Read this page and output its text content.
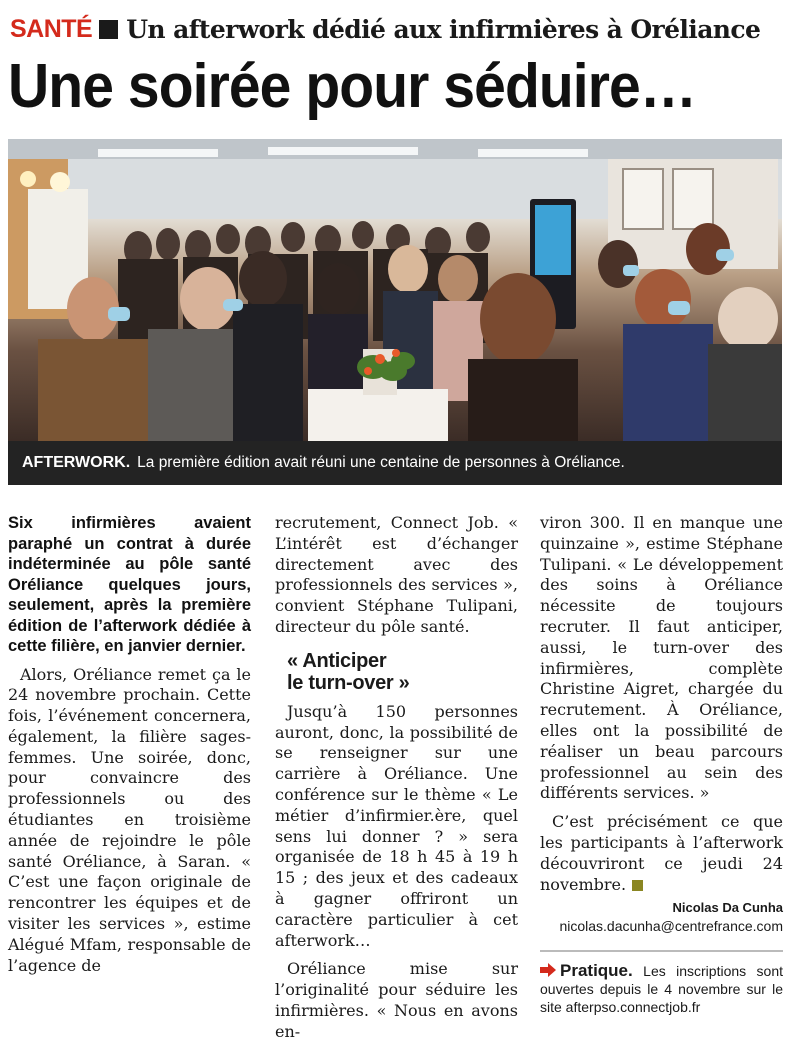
SANTÉ Un afterwork dédié aux infirmières à Oréliance
Une soirée pour séduire…
AFTERWORK. La première édition avait réuni une centaine de personnes à Oréliance.

Six infirmières avaient paraphé un contrat à durée indéterminée au pôle santé Oréliance quelques jours, seulement, après la première édition de l’afterwork dédiée à cette filière, en janvier dernier.

Alors, Oréliance remet ça le 24 novembre prochain. Cette fois, l’événement concernera, également, la filière sages-femmes. Une soirée, donc, pour convaincre des professionnels ou des étudiantes en troisième année de rejoindre le pôle santé Oréliance, à Saran. « C’est une façon originale de rencontrer les équipes et de visiter les services », estime Alégué Mfam, responsable de l’agence de

recrutement, Connect Job. « L’intérêt est d’échanger directement avec des professionnels des services », convient Stéphane Tulipani, directeur du pôle santé.

« Anticiper
le turn-over »

Jusqu’à 150 personnes auront, donc, la possibilité de se renseigner sur une carrière à Oréliance. Une conférence sur le thème « Le métier d’infirmier.ère, quel sens lui donner ? » sera organisée de 18 h 45 à 19 h 15 ; des jeux et des cadeaux à gagner offriront un caractère particulier à cet afterwork…

Oréliance mise sur l’originalité pour séduire les infirmières. « Nous en avons en-

viron 300. Il en manque une quinzaine », estime Stéphane Tulipani. « Le développement des soins à Oréliance nécessite de toujours recruter. Il faut anticiper, aussi, le turn-over des infirmières, complète Christine Aigret, chargée du recrutement. À Oréliance, elles ont la possibilité de réaliser un beau parcours professionnel au sein des différents services. »

C’est précisément ce que les participants à l’afterwork découvriront ce jeudi 24 novembre.

Nicolas Da Cunha
nicolas.dacunha@centrefrance.com
Pratique. Les inscriptions sont ouvertes depuis le 4 novembre sur le site afterpso.connectjob.fr
